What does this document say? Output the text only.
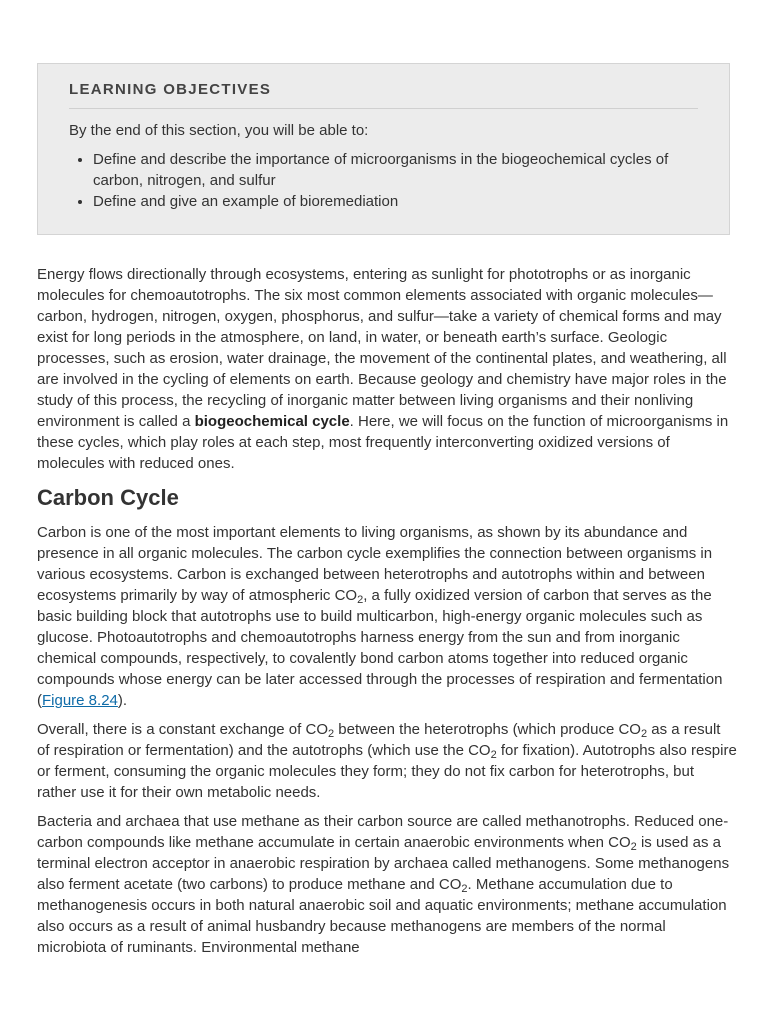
LEARNING OBJECTIVES

By the end of this section, you will be able to:

• Define and describe the importance of microorganisms in the biogeochemical cycles of carbon, nitrogen, and sulfur
• Define and give an example of bioremediation

Energy flows directionally through ecosystems, entering as sunlight for phototrophs or as inorganic molecules for chemoautotrophs. The six most common elements associated with organic molecules—carbon, hydrogen, nitrogen, oxygen, phosphorus, and sulfur—take a variety of chemical forms and may exist for long periods in the atmosphere, on land, in water, or beneath earth’s surface. Geologic processes, such as erosion, water drainage, the movement of the continental plates, and weathering, all are involved in the cycling of elements on earth. Because geology and chemistry have major roles in the study of this process, the recycling of inorganic matter between living organisms and their nonliving environment is called a biogeochemical cycle. Here, we will focus on the function of microorganisms in these cycles, which play roles at each step, most frequently interconverting oxidized versions of molecules with reduced ones.

Carbon Cycle

Carbon is one of the most important elements to living organisms, as shown by its abundance and presence in all organic molecules. The carbon cycle exemplifies the connection between organisms in various ecosystems. Carbon is exchanged between heterotrophs and autotrophs within and between ecosystems primarily by way of atmospheric $CO_2$, a fully oxidized version of carbon that serves as the basic building block that autotrophs use to build multicarbon, high-energy organic molecules such as glucose. Photoautotrophs and chemoautotrophs harness energy from the sun and from inorganic chemical compounds, respectively, to covalently bond carbon atoms together into reduced organic compounds whose energy can be later accessed through the processes of respiration and fermentation (Figure 8.24).

Overall, there is a constant exchange of $CO_2$ between the heterotrophs (which produce $CO_2$ as a result of respiration or fermentation) and the autotrophs (which use the $CO_2$ for fixation). Autotrophs also respire or ferment, consuming the organic molecules they form; they do not fix carbon for heterotrophs, but rather use it for their own metabolic needs.

Bacteria and archaea that use methane as their carbon source are called methanotrophs. Reduced one-carbon compounds like methane accumulate in certain anaerobic environments when $CO_2$ is used as a terminal electron acceptor in anaerobic respiration by archaea called methanogens. Some methanogens also ferment acetate (two carbons) to produce methane and $CO_2$. Methane accumulation due to methanogenesis occurs in both natural anaerobic soil and aquatic environments; methane accumulation also occurs as a result of animal husbandry because methanogens are members of the normal microbiota of ruminants. Environmental methane
